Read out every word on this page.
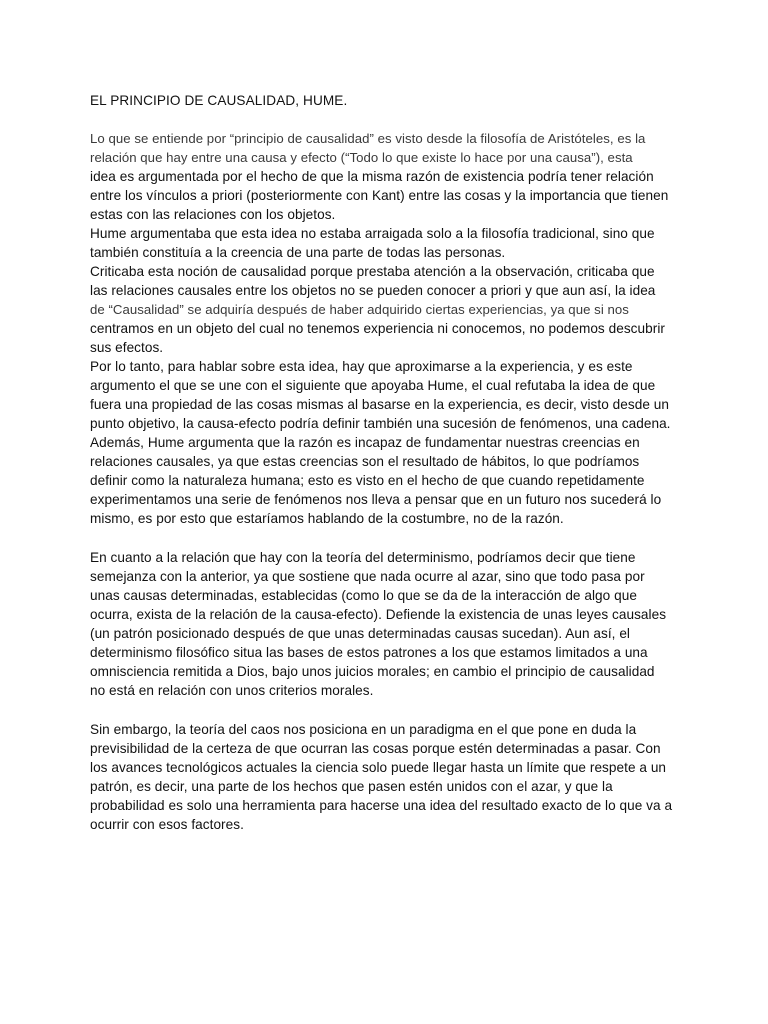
EL PRINCIPIO DE CAUSALIDAD, HUME.
Lo que se entiende por “principio de causalidad” es visto desde la filosofía de Aristóteles, es la
relación que hay entre una causa y efecto (“Todo lo que existe lo hace por una causa”), esta
idea es argumentada por el hecho de que la misma razón de existencia podría tener relación
entre los vínculos a priori (posteriormente con Kant) entre las cosas y la importancia que tienen
estas con las relaciones con los objetos.
Hume argumentaba que esta idea no estaba arraigada solo a la filosofía tradicional, sino que
también constituía a la creencia de una parte de todas las personas.
Criticaba esta noción de causalidad porque prestaba atención a la observación, criticaba que
las relaciones causales entre los objetos no se pueden conocer a priori y que aun así, la idea
de “Causalidad” se adquiría después de haber adquirido ciertas experiencias, ya que si nos
centramos en un objeto del cual no tenemos experiencia ni conocemos, no podemos descubrir
sus efectos.
Por lo tanto, para hablar sobre esta idea, hay que aproximarse a la experiencia, y es este
argumento el que se une con el siguiente que apoyaba Hume, el cual refutaba la idea de que
fuera una propiedad de las cosas mismas al basarse en la experiencia, es decir, visto desde un
punto objetivo, la causa-efecto podría definir también una sucesión de fenómenos, una cadena.
Además, Hume argumenta que la razón es incapaz de fundamentar nuestras creencias en
relaciones causales, ya que estas creencias son el resultado de hábitos, lo que podríamos
definir como la naturaleza humana; esto es visto en el hecho de que cuando repetidamente
experimentamos una serie de fenómenos nos lleva a pensar que en un futuro nos sucederá lo
mismo, es por esto que estaríamos hablando de la costumbre, no de la razón.
En cuanto a la relación que hay con la teoría del determinismo, podríamos decir que tiene
semejanza con la anterior, ya que sostiene que nada ocurre al azar, sino que todo pasa por
unas causas determinadas, establecidas (como lo que se da de la interacción de algo que
ocurra, exista de la relación de la causa-efecto). Defiende la existencia de unas leyes causales
(un patrón posicionado después de que unas determinadas causas sucedan). Aun así, el
determinismo filosófico situa las bases de estos patrones a los que estamos limitados a una
omnisciencia remitida a Dios, bajo unos juicios morales; en cambio el principio de causalidad
no está en relación con unos criterios morales.
Sin embargo, la teoría del caos nos posiciona en un paradigma en el que pone en duda la
previsibilidad de la certeza de que ocurran las cosas porque estén determinadas a pasar. Con
los avances tecnológicos actuales la ciencia solo puede llegar hasta un límite que respete a un
patrón, es decir, una parte de los hechos que pasen estén unidos con el azar, y que la
probabilidad es solo una herramienta para hacerse una idea del resultado exacto de lo que va a
ocurrir con esos factores.
